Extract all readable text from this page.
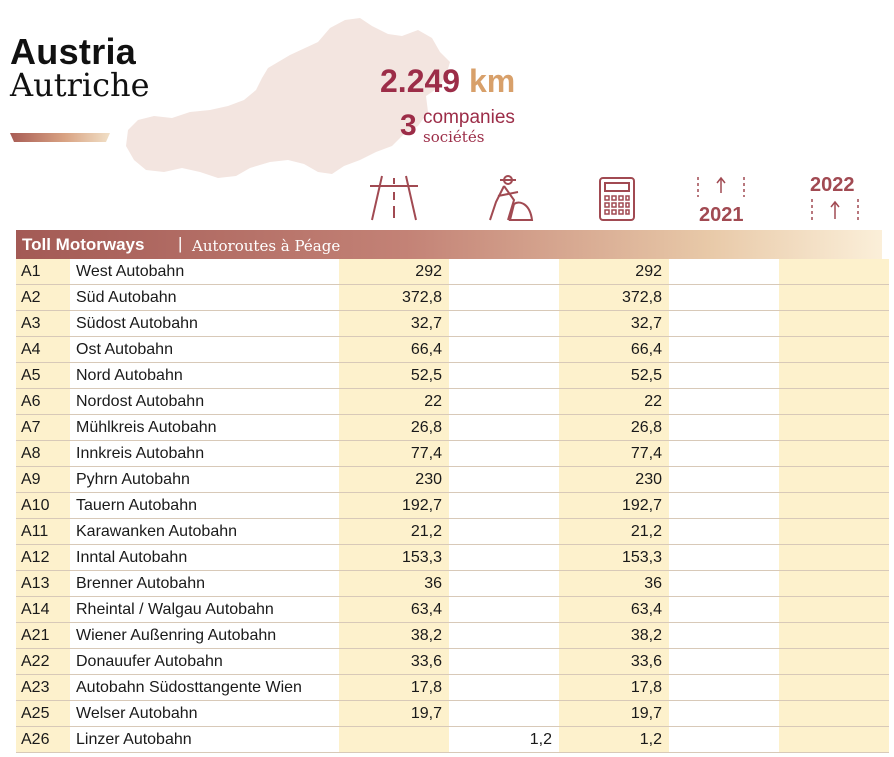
Austria
Autriche	2.249 km
3 companies
sociétés
2021
2022
Toll Motorways | Autoroutes à Péage
A1	West Autobahn	292		292		
A2	Süd Autobahn	372,8		372,8		
A3	Südost Autobahn	32,7		32,7		
A4	Ost Autobahn	66,4		66,4		
A5	Nord Autobahn	52,5		52,5		
A6	Nordost Autobahn	22		22		
A7	Mühlkreis Autobahn	26,8		26,8		
A8	Innkreis Autobahn	77,4		77,4		
A9	Pyhrn Autobahn	230		230		
A10	Tauern Autobahn	192,7		192,7		
A11	Karawanken Autobahn	21,2		21,2		
A12	Inntal Autobahn	153,3		153,3		
A13	Brenner Autobahn	36		36		
A14	Rheintal / Walgau Autobahn	63,4		63,4		
A21	Wiener Außenring Autobahn	38,2		38,2		
A22	Donauufer Autobahn	33,6		33,6		
A23	Autobahn Südosttangente Wien	17,8		17,8		
A25	Welser Autobahn	19,7		19,7		
A26	Linzer Autobahn		1,2	1,2		
